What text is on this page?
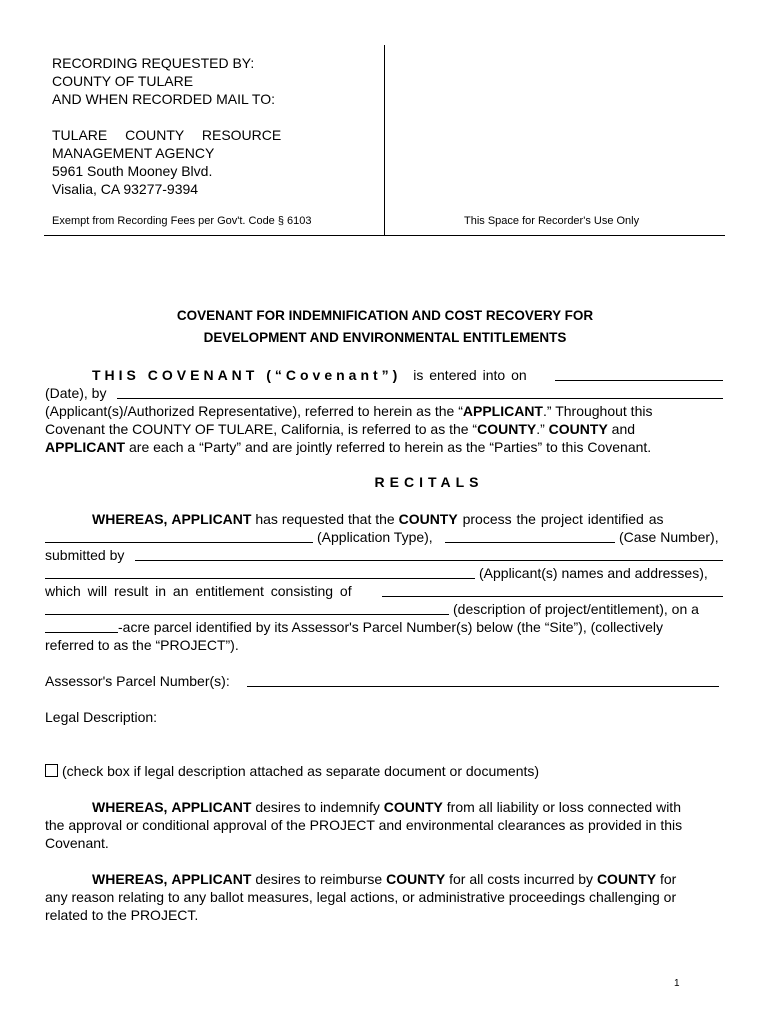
RECORDING REQUESTED BY:
COUNTY OF TULARE
AND WHEN RECORDED MAIL TO:
TULARE COUNTY RESOURCE
MANAGEMENT AGENCY
5961 South Mooney Blvd.
Visalia, CA 93277-9394
Exempt from Recording Fees per Gov't. Code § 6103	This Space for Recorder's Use Only
COVENANT FOR INDEMNIFICATION AND COST RECOVERY FOR
DEVELOPMENT AND ENVIRONMENTAL ENTITLEMENTS
THIS COVENANT (“Covenant”) is entered into on
(Date), by
(Applicant(s)/Authorized Representative), referred to herein as the “APPLICANT.” Throughout this
Covenant the COUNTY OF TULARE, California, is referred to as the “COUNTY.” COUNTY and
APPLICANT are each a “Party” and are jointly referred to herein as the “Parties” to this Covenant.
RECITALS
WHEREAS, APPLICANT has requested that the COUNTY process the project identified as
(Application Type),	(Case Number),
submitted by
(Applicant(s) names and addresses),
which will result in an entitlement consisting of
(description of project/entitlement), on a
-acre parcel identified by its Assessor's Parcel Number(s) below (the “Site”), (collectively
referred to as the “PROJECT”).
Assessor's Parcel Number(s):
Legal Description:
(check box if legal description attached as separate document or documents)
WHEREAS, APPLICANT desires to indemnify COUNTY from all liability or loss connected with
the approval or conditional approval of the PROJECT and environmental clearances as provided in this
Covenant.
WHEREAS, APPLICANT desires to reimburse COUNTY for all costs incurred by COUNTY for
any reason relating to any ballot measures, legal actions, or administrative proceedings challenging or
related to the PROJECT.
1
